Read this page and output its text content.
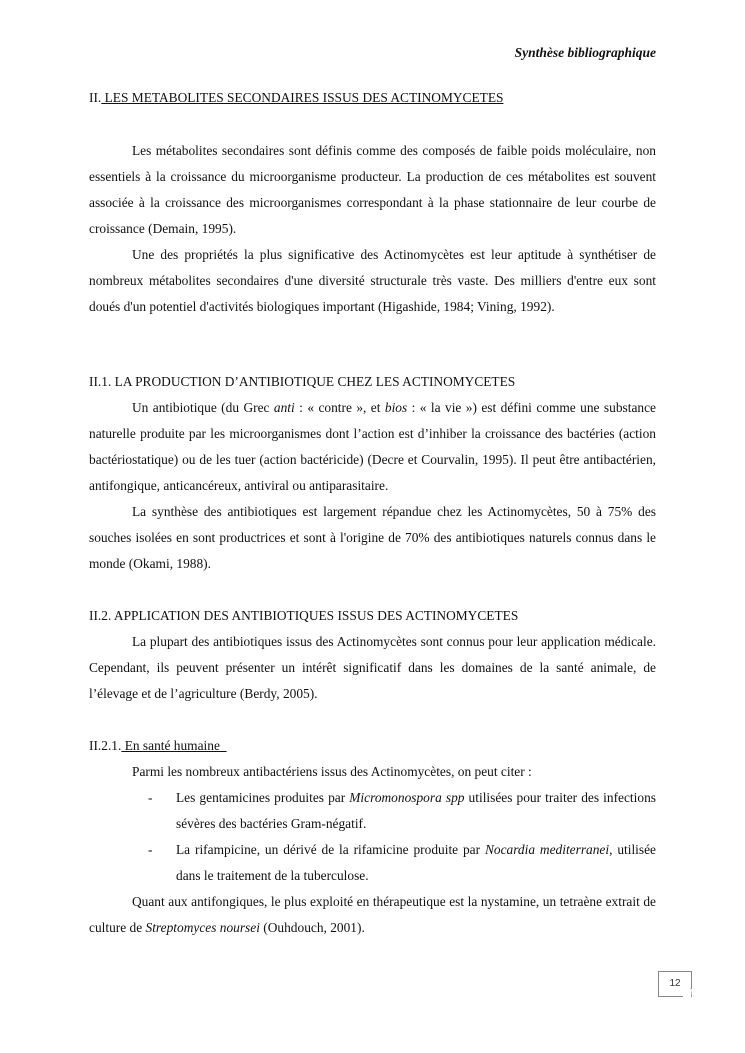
Synthèse bibliographique
II. LES METABOLITES SECONDAIRES ISSUS DES ACTINOMYCETES

Les métabolites secondaires sont définis comme des composés de faible poids moléculaire, non essentiels à la croissance du microorganisme producteur. La production de ces métabolites est souvent associée à la croissance des microorganismes correspondant à la phase stationnaire de leur courbe de croissance (Demain, 1995).

Une des propriétés la plus significative des Actinomycètes est leur aptitude à synthétiser de nombreux métabolites secondaires d'une diversité structurale très vaste. Des milliers d'entre eux sont doués d'un potentiel d'activités biologiques important (Higashide, 1984; Vining, 1992).

II.1. LA PRODUCTION D’ANTIBIOTIQUE CHEZ LES ACTINOMYCETES

Un antibiotique (du Grec anti : « contre », et bios : « la vie ») est défini comme une substance naturelle produite par les microorganismes dont l’action est d’inhiber la croissance des bactéries (action bactériostatique) ou de les tuer (action bactéricide) (Decre et Courvalin, 1995). Il peut être antibactérien, antifongique, anticancéreux, antiviral ou antiparasitaire.

La synthèse des antibiotiques est largement répandue chez les Actinomycètes, 50 à 75% des souches isolées en sont productrices et sont à l'origine de 70% des antibiotiques naturels connus dans le monde (Okami, 1988).

II.2. APPLICATION DES ANTIBIOTIQUES ISSUS DES ACTINOMYCETES

La plupart des antibiotiques issus des Actinomycètes sont connus pour leur application médicale. Cependant, ils peuvent présenter un intérêt significatif dans les domaines de la santé animale, de l’élevage et de l’agriculture (Berdy, 2005).

II.2.1. En santé humaine

Parmi les nombreux antibactériens issus des Actinomycètes, on peut citer :

- Les gentamicines produites par Micromonospora spp utilisées pour traiter des infections sévères des bactéries Gram-négatif.
- La rifampicine, un dérivé de la rifamicine produite par Nocardia mediterranei, utilisée dans le traitement de la tuberculose.

Quant aux antifongiques, le plus exploité en thérapeutique est la nystamine, un tetraène extrait de culture de Streptomyces noursei (Ouhdouch, 2001).

12
